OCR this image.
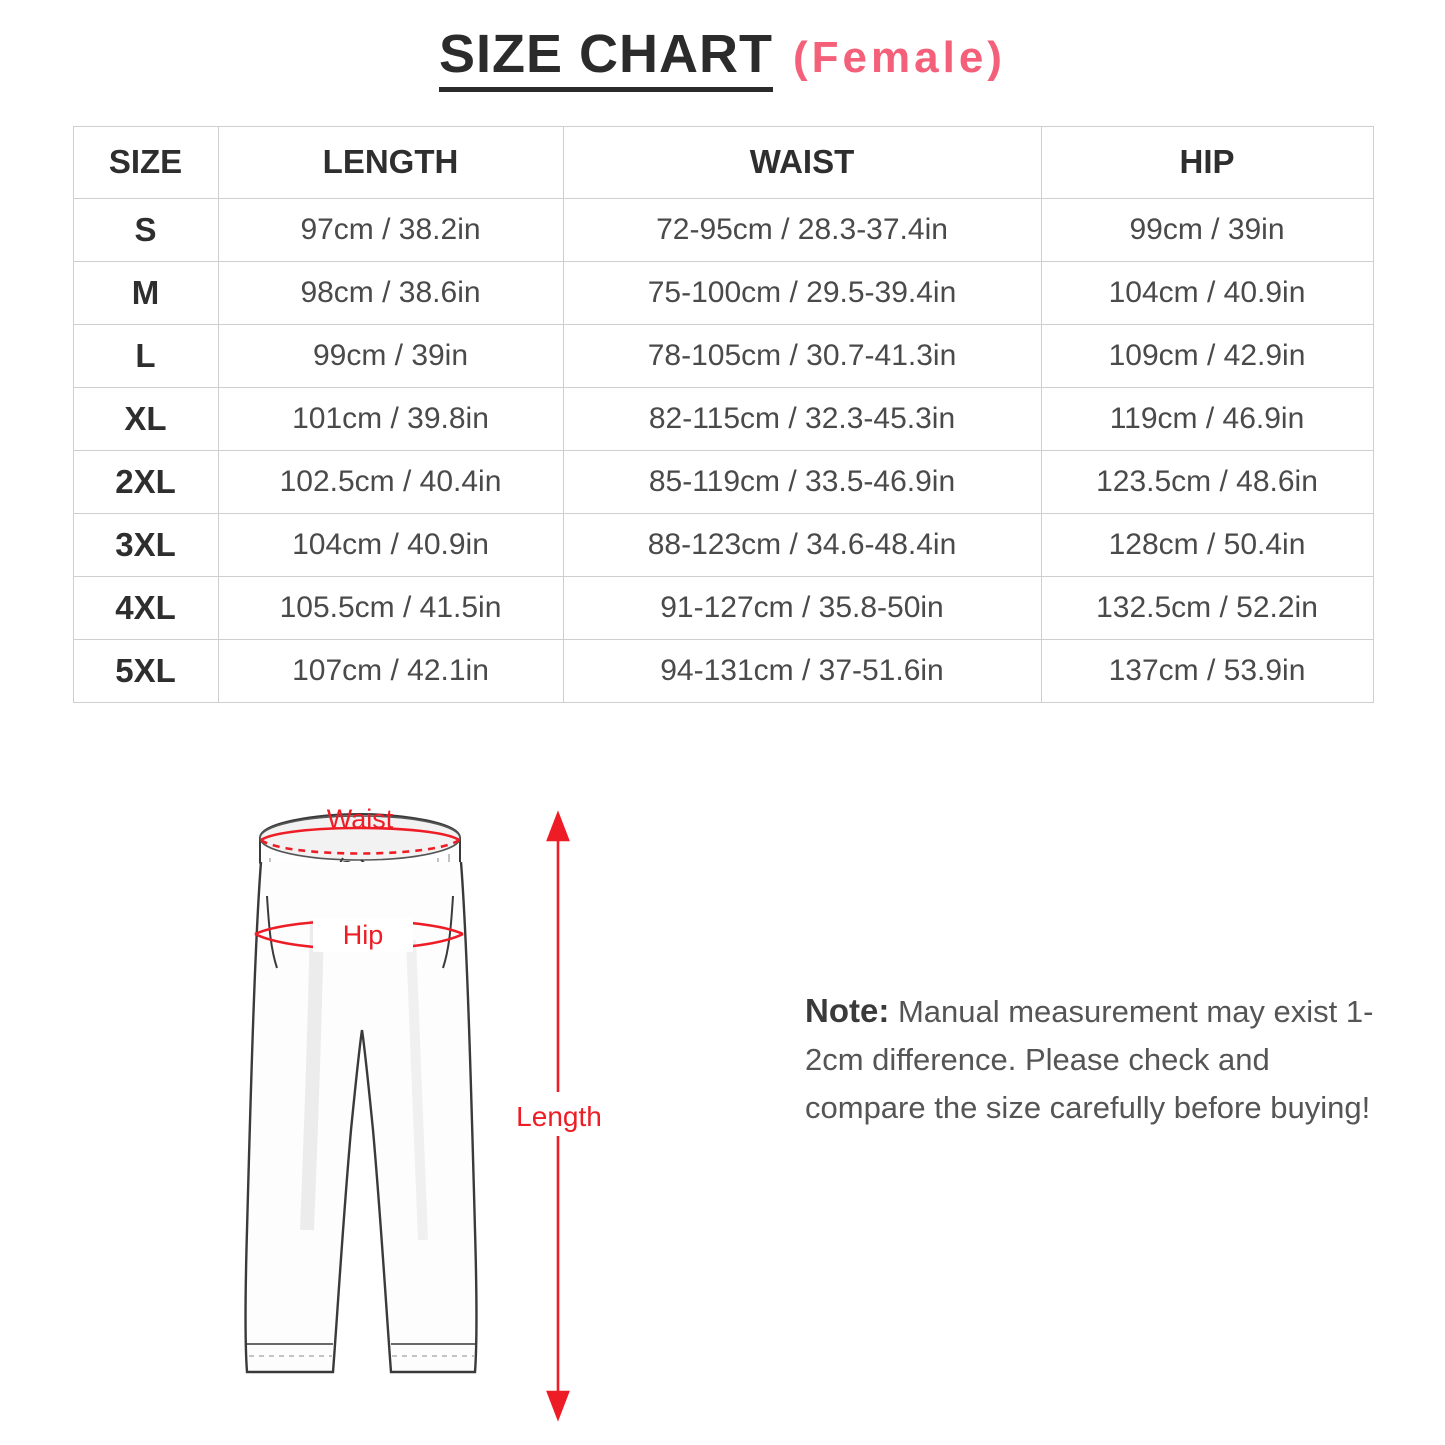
SIZE CHART (Female)
SIZE	LENGTH	WAIST	HIP
S	97cm / 38.2in	72-95cm / 28.3-37.4in	99cm / 39in
M	98cm / 38.6in	75-100cm / 29.5-39.4in	104cm / 40.9in
L	99cm / 39in	78-105cm / 30.7-41.3in	109cm / 42.9in
XL	101cm / 39.8in	82-115cm / 32.3-45.3in	119cm / 46.9in
2XL	102.5cm / 40.4in	85-119cm / 33.5-46.9in	123.5cm / 48.6in
3XL	104cm / 40.9in	88-123cm / 34.6-48.4in	128cm / 50.4in
4XL	105.5cm / 41.5in	91-127cm / 35.8-50in	132.5cm / 52.2in
5XL	107cm / 42.1in	94-131cm / 37-51.6in	137cm / 53.9in
Waist
Hip
Length
Note: Manual measurement may exist 1-2cm difference. Please check and compare the size carefully before buying!
